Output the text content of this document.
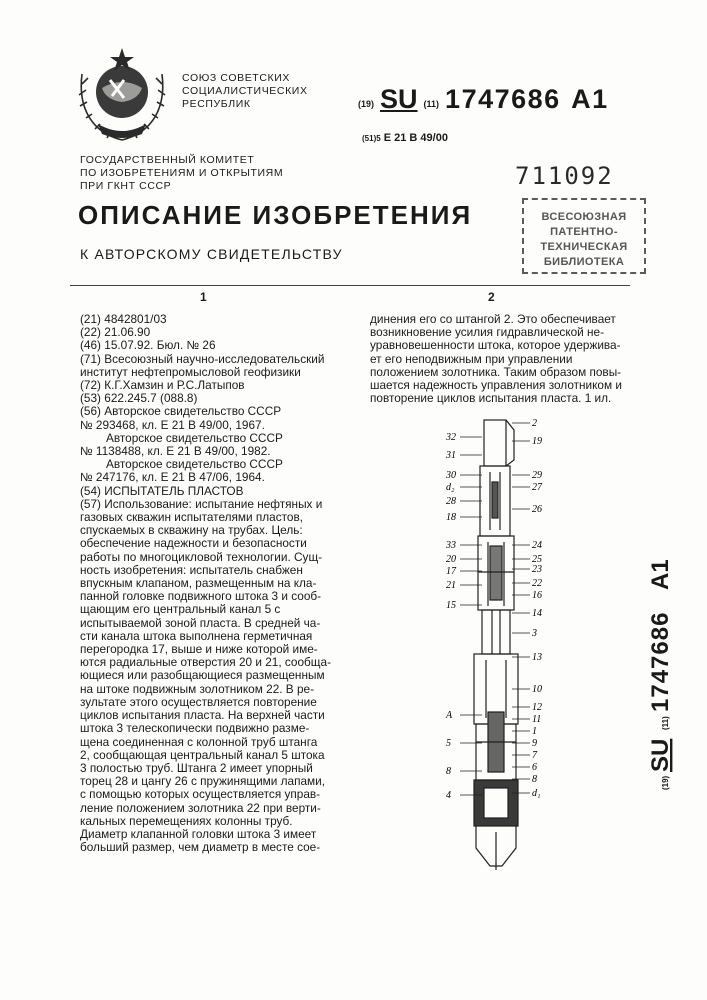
СОЮЗ СОВЕТСКИХ
СОЦИАЛИСТИЧЕСКИХ
РЕСПУБЛИК	(19) SU (11) 1747686 A1
(51)5 E 21 B 49/00
ГОСУДАРСТВЕННЫЙ КОМИТЕТ
ПО ИЗОБРЕТЕНИЯМ И ОТКРЫТИЯМ
ПРИ ГКНТ СССР	711092
ВСЕСОЮЗНАЯ
ПАТЕНТНО-
ТЕХНИЧЕСКАЯ
БИБЛИОТЕКА
ОПИСАНИЕ ИЗОБРЕТЕНИЯ
К АВТОРСКОМУ СВИДЕТЕЛЬСТВУ
1	2
(21) 4842801/03
(22) 21.06.90
(46) 15.07.92. Бюл. № 26
(71) Всесоюзный научно-исследовательский
институт нефтепромысловой геофизики
(72) К.Г.Хамзин и Р.С.Латыпов
(53) 622.245.7 (088.8)
(56) Авторское свидетельство СССР
№ 293468, кл. Е 21 В 49/00, 1967.
Авторское свидетельство СССР
№ 1138488, кл. Е 21 В 49/00, 1982.
Авторское свидетельство СССР
№ 247176, кл. Е 21 В 47/06, 1964.
(54) ИСПЫТАТЕЛЬ ПЛАСТОВ
(57) Использование: испытание нефтяных и
газовых скважин испытателями пластов,
спускаемых в скважину на трубах. Цель:
обеспечение надежности и безопасности
работы по многоцикловой технологии. Сущ-
ность изобретения: испытатель снабжен
впускным клапаном, размещенным на кла-
панной головке подвижного штока 3 и сооб-
щающим его центральный канал 5 с
испытываемой зоной пласта. В средней ча-
сти канала штока выполнена герметичная
перегородка 17, выше и ниже которой име-
ются радиальные отверстия 20 и 21, сообща-
ющиеся или разобщающиеся размещенным
на штоке подвижным золотником 22. В ре-
зультате этого осуществляется повторение
циклов испытания пласта. На верхней части
штока 3 телескопически подвижно размe-
щена соединенная с колонной труб штанга
2, сообщающая центральный канал 5 штока
3 полостью труб. Штанга 2 имеет упорный
торец 28 и цангу 26 с пружинящими лапами,
с помощью которых осуществляется управ-
ление положением золотника 22 при верти-
кальных перемещениях колонны труб.
Диаметр клапанной головки штока 3 имеет
больший размер, чем диаметр в месте сое-
динения его со штангой 2. Это обеспечивает
возникновение усилия гидравлической не-
уравновешенности штока, которое удержива-
ет его неподвижным при управлении
положением золотника. Таким образом повы-
шается надежность управления золотником и
повторение циклов испытания пласта. 1 ил.
(19)
SU
(11)
1747686
A1
32
31
30
d₂
28
18
33
20
17
21
15
A
5
8
4
2
19
29
27
26
24
25
23
22
16
14
3
13
10
12
11
1
9
7
6
8
d₁
